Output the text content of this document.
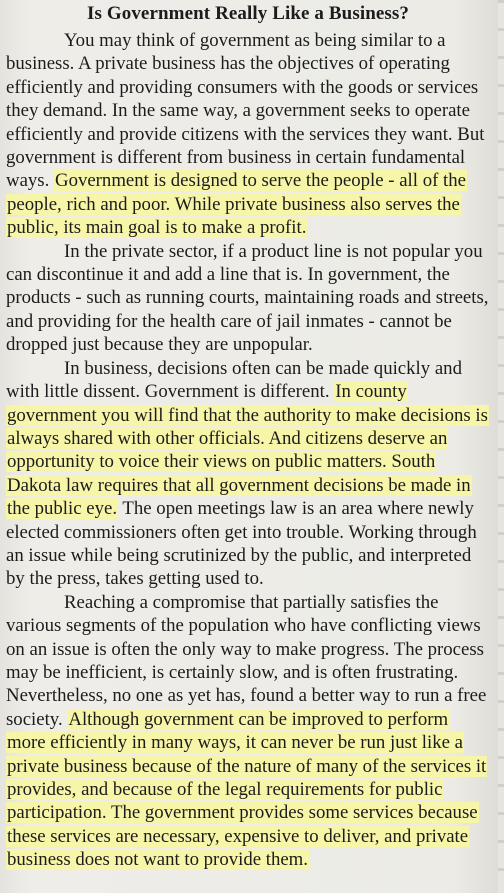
Is Government Really Like a Business?

You may think of government as being similar to a business. A private business has the objectives of operating efficiently and providing consumers with the goods or services they demand. In the same way, a government seeks to operate efficiently and provide citizens with the services they want. But government is different from business in certain fundamental ways. Government is designed to serve the people - all of the people, rich and poor. While private business also serves the public, its main goal is to make a profit.

In the private sector, if a product line is not popular you can discontinue it and add a line that is. In government, the products - such as running courts, maintaining roads and streets, and providing for the health care of jail inmates - cannot be dropped just because they are unpopular.

In business, decisions often can be made quickly and with little dissent. Government is different. In county government you will find that the authority to make decisions is always shared with other officials. And citizens deserve an opportunity to voice their views on public matters. South Dakota law requires that all government decisions be made in the public eye. The open meetings law is an area where newly elected commissioners often get into trouble. Working through an issue while being scrutinized by the public, and interpreted by the press, takes getting used to.

Reaching a compromise that partially satisfies the various segments of the population who have conflicting views on an issue is often the only way to make progress. The process may be inefficient, is certainly slow, and is often frustrating. Nevertheless, no one as yet has, found a better way to run a free society. Although government can be improved to perform more efficiently in many ways, it can never be run just like a private business because of the nature of many of the services it provides, and because of the legal requirements for public participation. The government provides some services because these services are necessary, expensive to deliver, and private business does not want to provide them.
